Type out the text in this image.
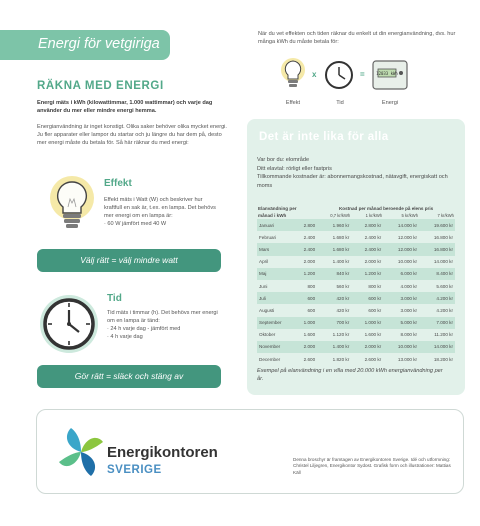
Energi för vetgiriga
RÄKNA MED ENERGI
Energi mäts i kWh (kilowattimmar, 1.000 wattimmar) och varje dag använder du mer eller mindre energi hemma.
Energianvändning är inget konstigt. Olika saker behöver olika mycket energi. Ju fler apparater eller lampor du startar och ju längre du har dem på, desto mer energi måste du betala för. Så här räknar du med energi:
Effekt
Effekt mäts i Watt (W) och beskriver hur kraftfull en sak är, t.ex. en lampa. Det behövs mer energi om en lampa är:
· 60 W jämfört med 40 W
Välj rätt = välj mindre watt
Tid
Tid mäts i timmar (h). Det behövs mer energi om en lampa är tänd:
· 24 h varje dag - jämfört med
· 4 h varje dag
Gör rätt = släck och stäng av
När du vet effekten och tiden räknar du enkelt ut din energianvändning, dvs. hur många kWh du måste betala för:
x	=	12033 kWh
Effekt	Tid	Energi
Det är inte lika för alla
Var bor du: elområde
Ditt elavtal: rörligt eller fastpris
Tillkommande kostnader är: abonnemangskostnad, nätavgift, energiskatt och moms
Elanvändning per		Kostnad per månad beroende på elens pris			
månad i kWh		0,7 kr/kWh	1 kr/kWh	5 kr/kWh	7 kr/kWh
Januari	2.800	1.960 kr	2.800 kr	14.000 kr	19.600 kr
Februari	2.400	1.680 kr	2.400 kr	12.000 kr	16.800 kr
Mars	2.400	1.680 kr	2.400 kr	12.000 kr	16.800 kr
April	2.000	1.400 kr	2.000 kr	10.000 kr	14.000 kr
Maj	1.200	840 kr	1.200 kr	6.000 kr	8.400 kr
Juni	800	560 kr	800 kr	4.000 kr	5.600 kr
Juli	600	420 kr	600 kr	3.000 kr	4.200 kr
Augusti	600	420 kr	600 kr	3.000 kr	4.200 kr
September	1.000	700 kr	1.000 kr	5.000 kr	7.000 kr
Oktober	1.600	1.120 kr	1.600 kr	8.000 kr	11.200 kr
November	2.000	1.400 kr	2.000 kr	10.000 kr	14.000 kr
December	2.600	1.820 kr	2.600 kr	13.000 kr	18.200 kr
Exempel på elanvändning i en villa med 20.000 kWh energianvändning per år.
Energikontoren
SVERIGE
Denna broschyr är framtagen av Energikontoren Sverige. Idé och utformning: Christel Liljegren, Energikontor Sydost. Grafisk form och illustrationer: Mattias Käll
